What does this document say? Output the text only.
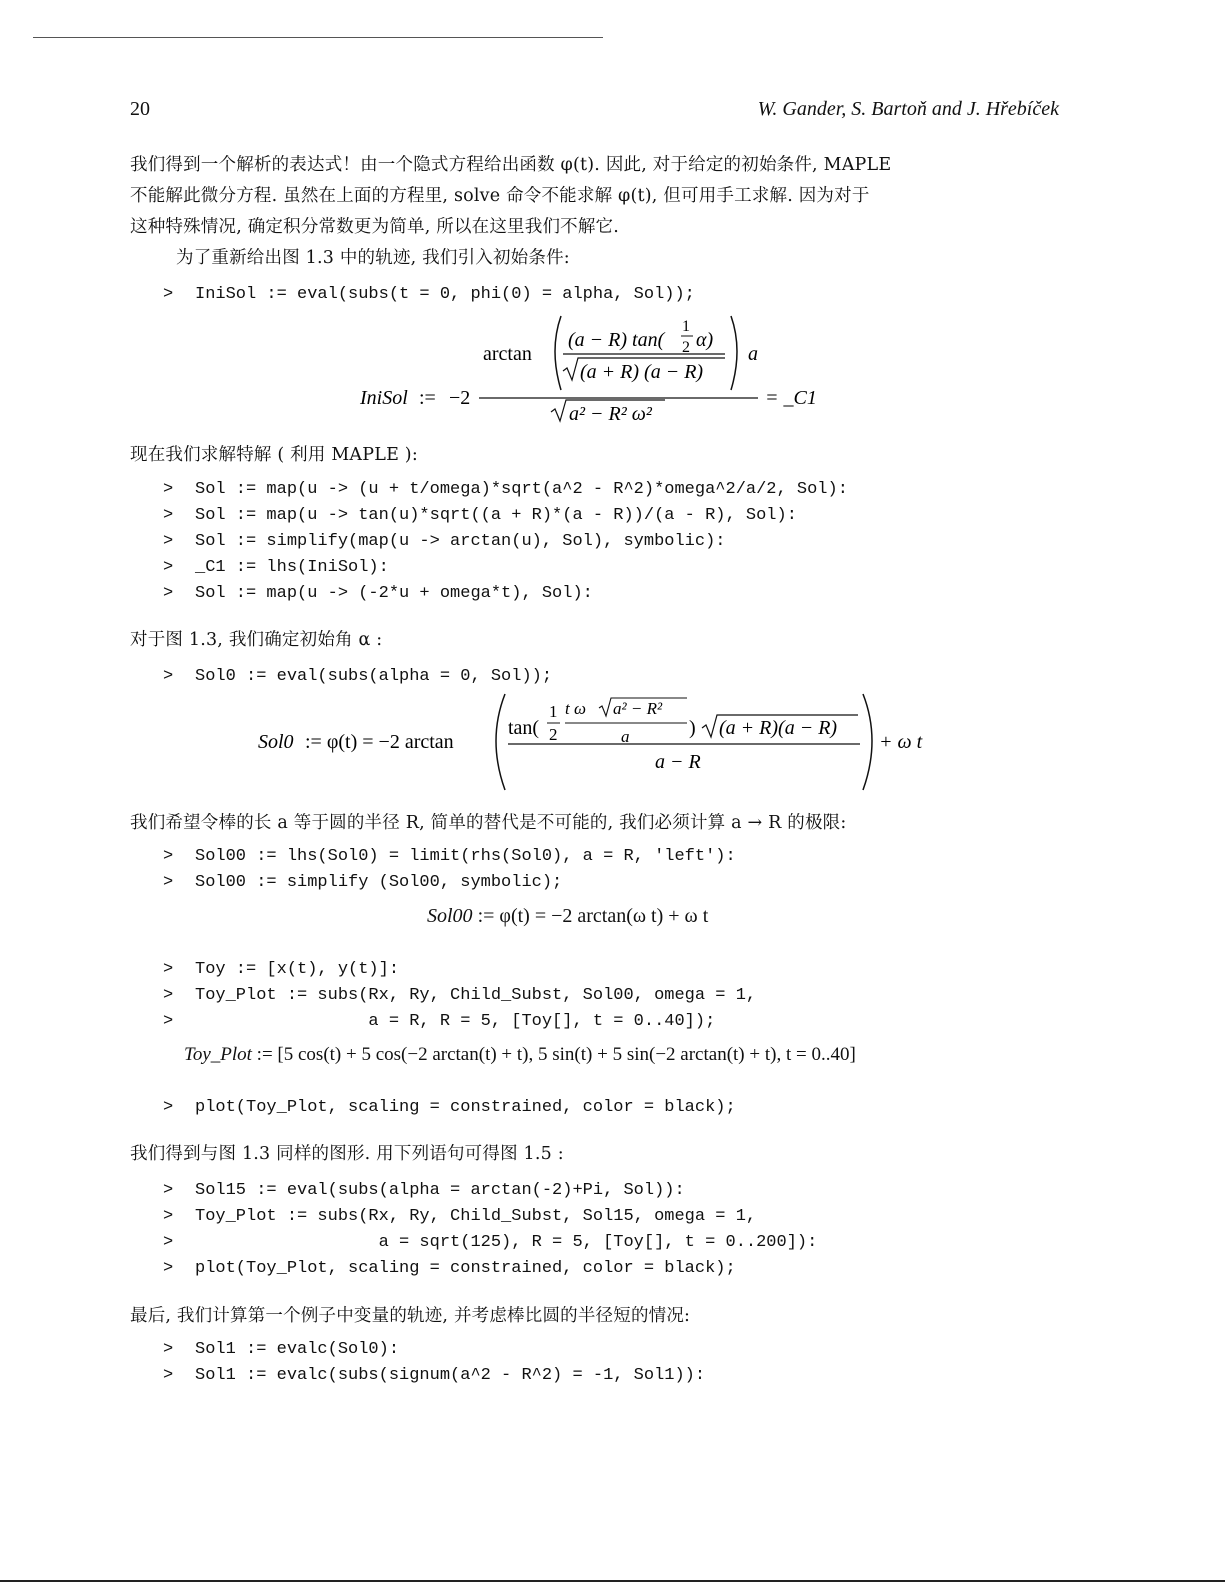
20	W. Gander, S. Bartoň and J. Hřebíček
我们得到一个解析的表达式！由一个隐式方程给出函数 φ(t). 因此, 对于给定的初始条件, MAPLE
不能解此微分方程. 虽然在上面的方程里, solve 命令不能求解 φ(t), 但可用手工求解. 因为对于
这种特殊情况, 确定积分常数更为简单, 所以在这里我们不解它.
为了重新给出图 1.3 中的轨迹, 我们引入初始条件:
> IniSol := eval(subs(t = 0, phi(0) = alpha, Sol));
IniSol := −2
arctan
(a − R) tan(
1
2 α)
(a + R) (a − R)
a
a² − R² ω²
= _C1
现在我们求解特解 ( 利用 MAPLE ):
> Sol := map(u -> (u + t/omega)*sqrt(a^2 - R^2)*omega^2/a/2, Sol):
> Sol := map(u -> tan(u)*sqrt((a + R)*(a - R))/(a - R), Sol):
> Sol := simplify(map(u -> arctan(u), Sol), symbolic):
> _C1 := lhs(IniSol):
> Sol := map(u -> (-2*u + omega*t), Sol):
对于图 1.3, 我们确定初始角 α :
> Sol0 := eval(subs(alpha = 0, Sol));
Sol0 := φ(t) = −2 arctan
tan(
1
2
t ω a² − R²
a	) (a + R)(a − R)
a − R
+ ω t
我们希望令棒的长 a 等于圆的半径 R, 简单的替代是不可能的, 我们必须计算 a → R 的极限:
> Sol00 := lhs(Sol0) = limit(rhs(Sol0), a = R, 'left'):
> Sol00 := simplify (Sol00, symbolic);
Sol00 := φ(t) = −2 arctan(ω t) + ω t
> Toy := [x(t), y(t)]:
> Toy_Plot := subs(Rx, Ry, Child_Subst, Sol00, omega = 1,
>                 a = R, R = 5, [Toy[], t = 0..40]);
Toy_Plot := [5 cos(t) + 5 cos(−2 arctan(t) + t), 5 sin(t) + 5 sin(−2 arctan(t) + t), t = 0..40]
> plot(Toy_Plot, scaling = constrained, color = black);
我们得到与图 1.3 同样的图形. 用下列语句可得图 1.5 :
> Sol15 := eval(subs(alpha = arctan(-2)+Pi, Sol)):
> Toy_Plot := subs(Rx, Ry, Child_Subst, Sol15, omega = 1,
>                  a = sqrt(125), R = 5, [Toy[], t = 0..200]):
> plot(Toy_Plot, scaling = constrained, color = black);
最后, 我们计算第一个例子中变量的轨迹, 并考虑棒比圆的半径短的情况:
> Sol1 := evalc(Sol0):
> Sol1 := evalc(subs(signum(a^2 - R^2) = -1, Sol1)):
